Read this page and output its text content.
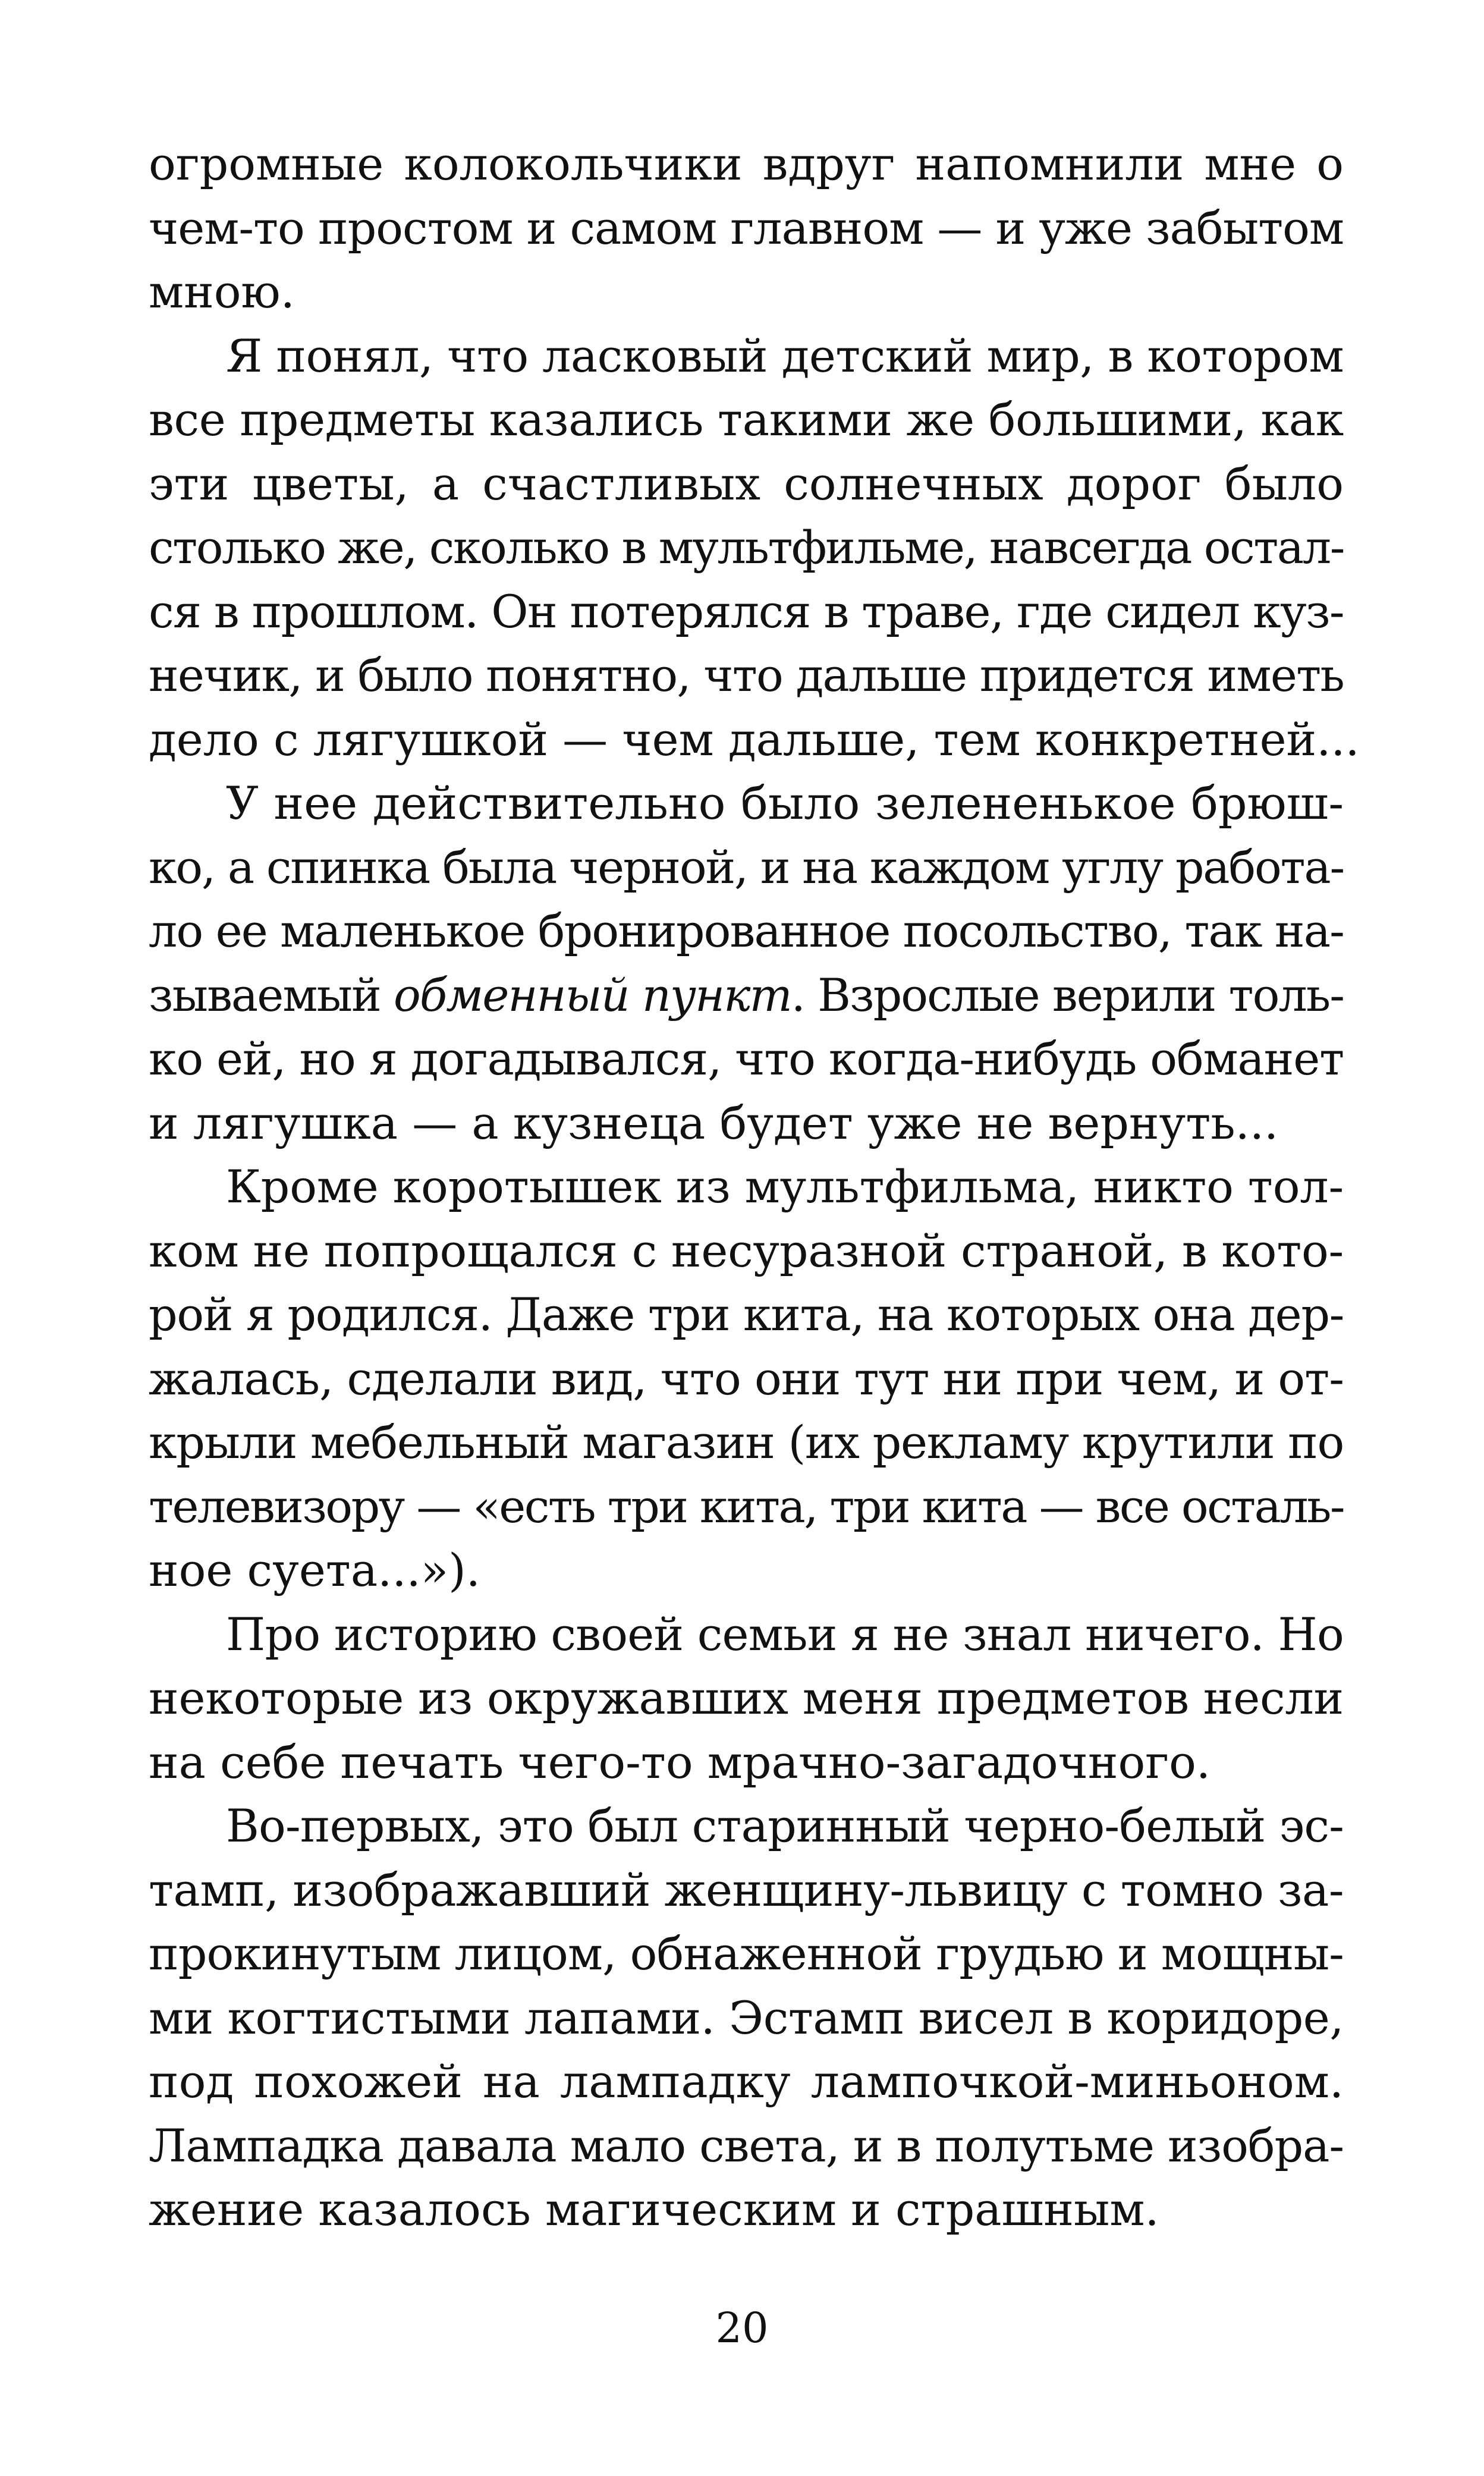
огромные колокольчики вдруг напомнили мне о
чем-то простом и самом главном — и уже забытом
мною.
Я понял, что ласковый детский мир, в котором
все предметы казались такими же большими, как
эти цветы, а счастливых солнечных дорог было
столько же, сколько в мультфильме, навсегда остал-
ся в прошлом. Он потерялся в траве, где сидел куз-
нечик, и было понятно, что дальше придется иметь
дело с лягушкой — чем дальше, тем конкретней...
У нее действительно было зелененькое брюш-
ко, а спинка была черной, и на каждом углу работа-
ло ее маленькое бронированное посольство, так на-
зываемый обменный пункт. Взрослые верили толь-
ко ей, но я догадывался, что когда-нибудь обманет
и лягушка — а кузнеца будет уже не вернуть...
Кроме коротышек из мультфильма, никто тол-
ком не попрощался с несуразной страной, в кото-
рой я родился. Даже три кита, на которых она дер-
жалась, сделали вид, что они тут ни при чем, и от-
крыли мебельный магазин (их рекламу крутили по
телевизору — «есть три кита, три кита — все осталь-
ное суета...»).
Про историю своей семьи я не знал ничего. Но
некоторые из окружавших меня предметов несли
на себе печать чего-то мрачно-загадочного.
Во-первых, это был старинный черно-белый эс-
тамп, изображавший женщину-львицу с томно за-
прокинутым лицом, обнаженной грудью и мощны-
ми когтистыми лапами. Эстамп висел в коридоре,
под похожей на лампадку лампочкой-миньоном.
Лампадка давала мало света, и в полутьме изобра-
жение казалось магическим и страшным.
20
